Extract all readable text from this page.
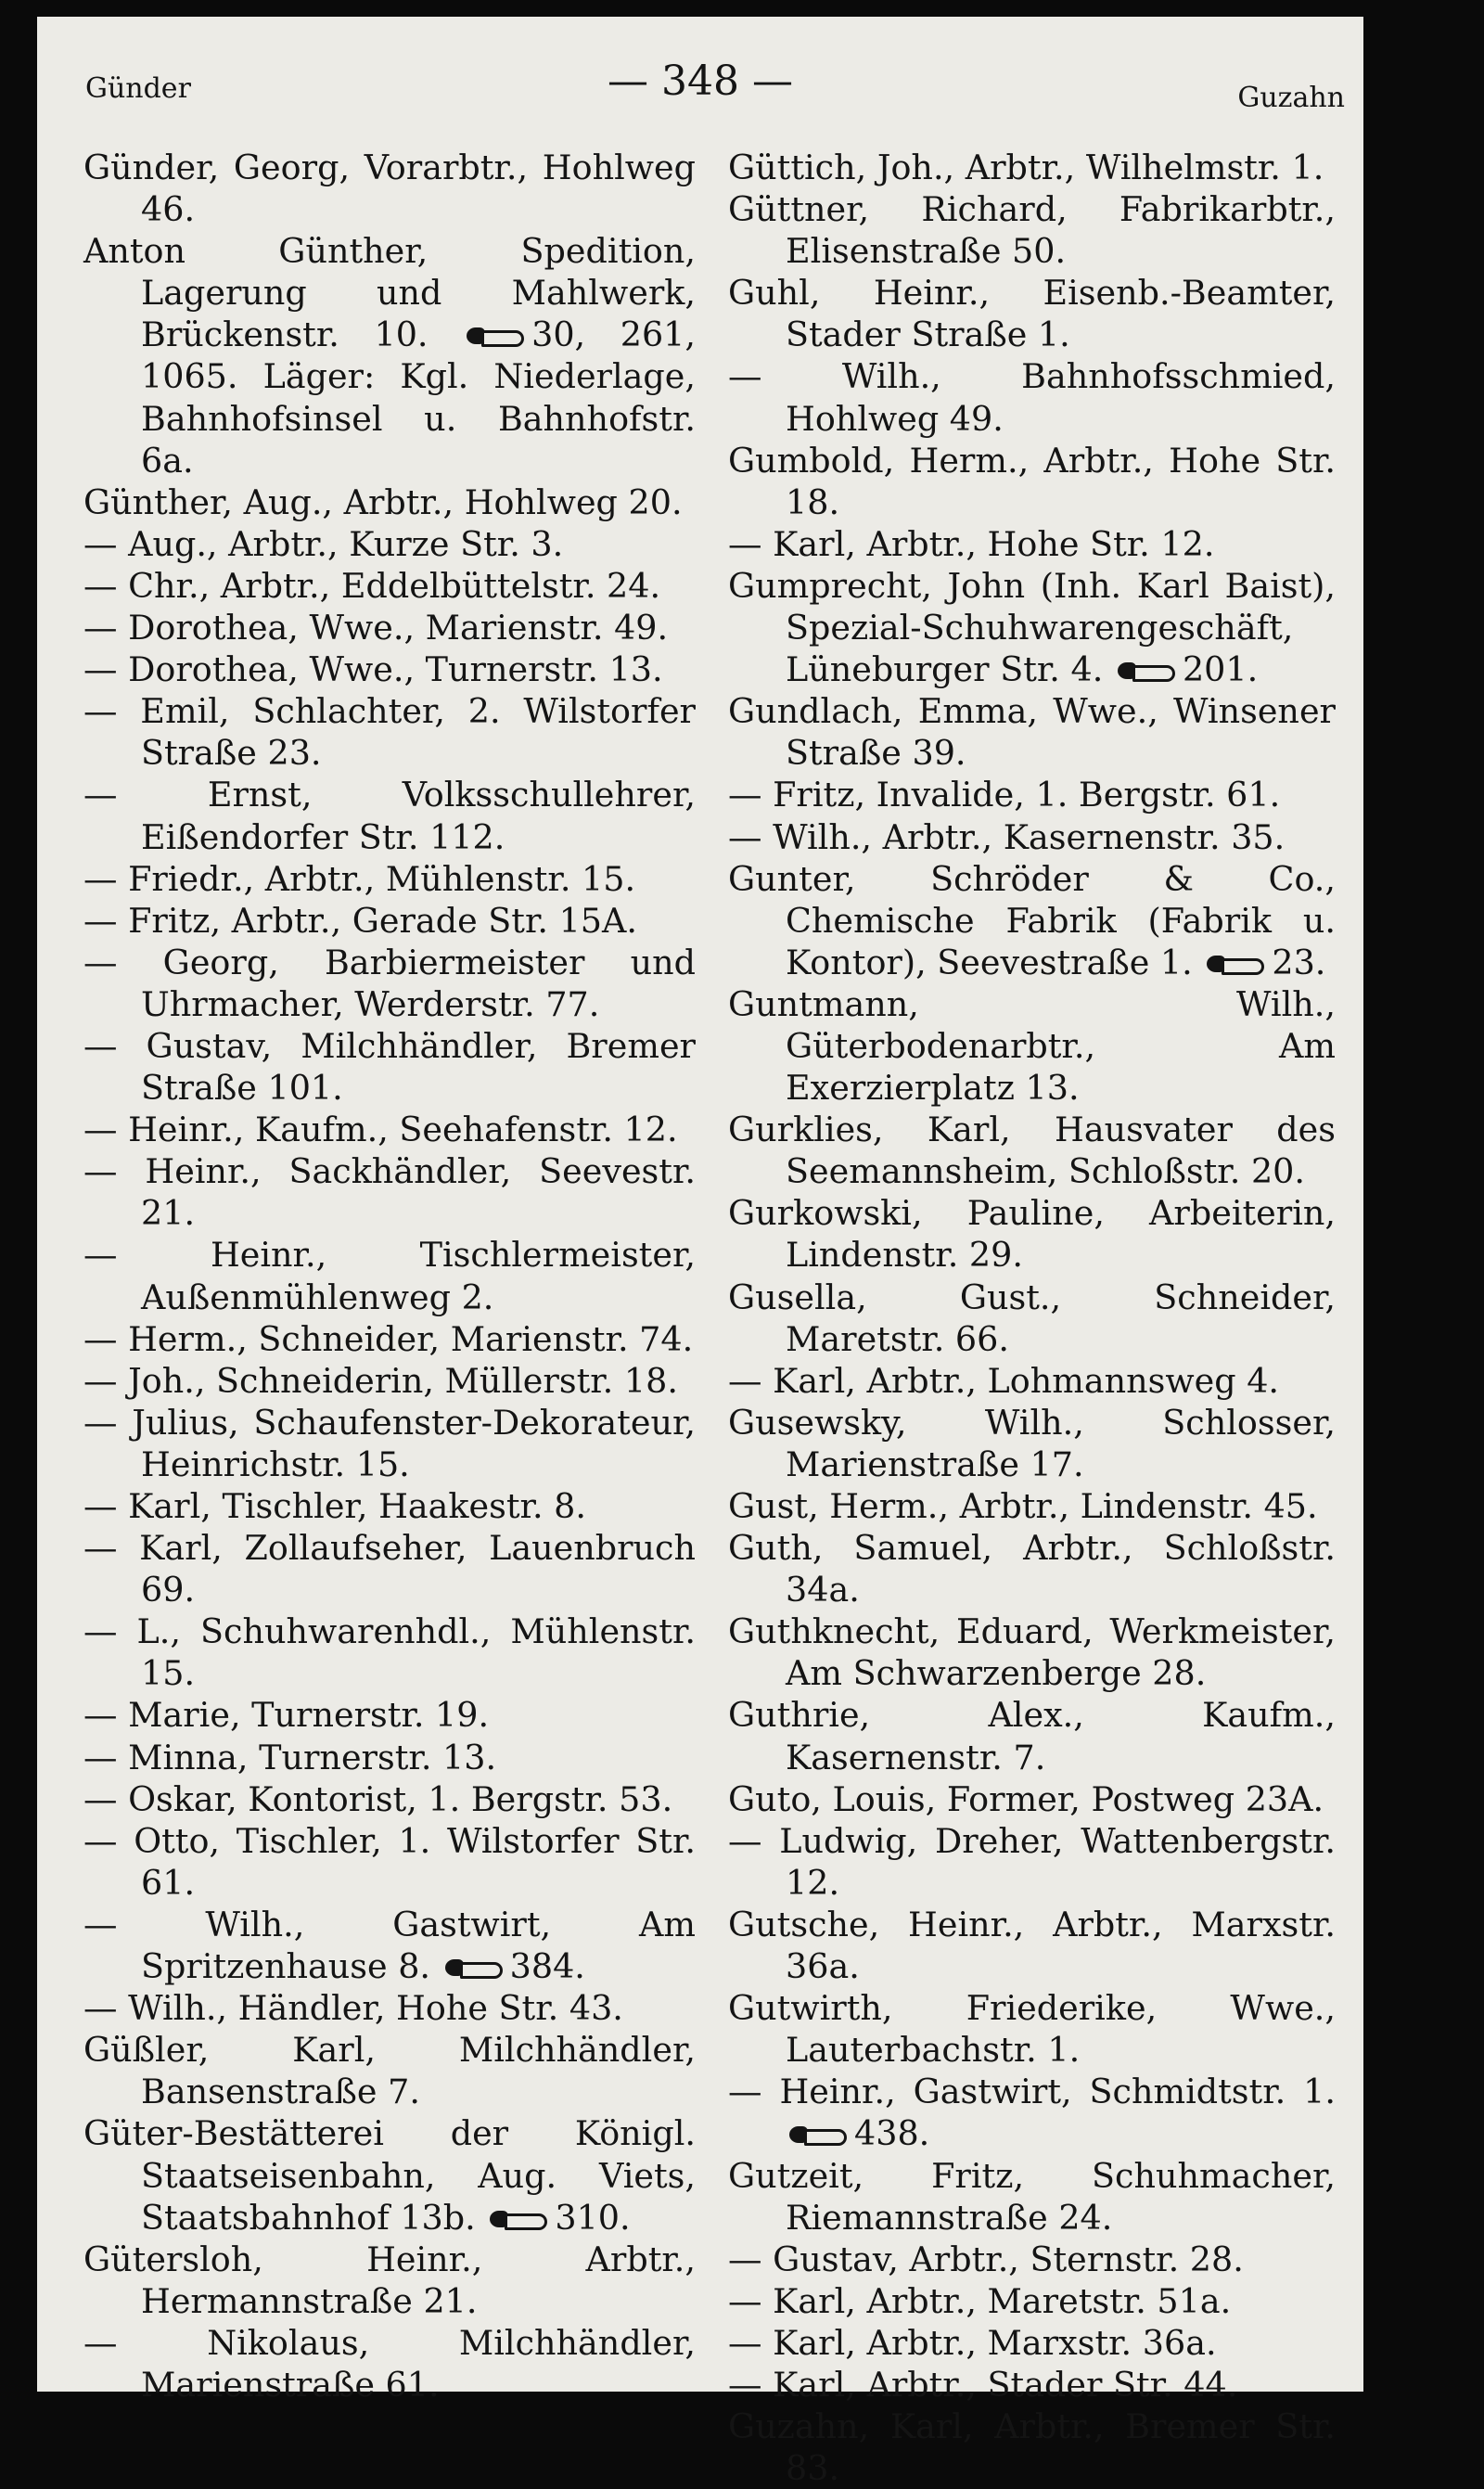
Günder	— 348 —	Guzahn
Günder, Georg, Vorarbtr., Hohlweg 46.
Anton Günther, Spedition, Lagerung und Mahlwerk, Brückenstr. 10. 30, 261, 1065. Läger: Kgl. Niederlage, Bahnhofsinsel u. Bahnhofstr. 6a.
Günther, Aug., Arbtr., Hohlweg 20.
— Aug., Arbtr., Kurze Str. 3.
— Chr., Arbtr., Eddelbüttelstr. 24.
— Dorothea, Wwe., Marienstr. 49.
— Dorothea, Wwe., Turnerstr. 13.
— Emil, Schlachter, 2. Wilstorfer Straße 23.
— Ernst, Volksschullehrer, Eißendorfer Str. 112.
— Friedr., Arbtr., Mühlenstr. 15.
— Fritz, Arbtr., Gerade Str. 15A.
— Georg, Barbiermeister und Uhrmacher, Werderstr. 77.
— Gustav, Milchhändler, Bremer Straße 101.
— Heinr., Kaufm., Seehafenstr. 12.
— Heinr., Sackhändler, Seevestr. 21.
— Heinr., Tischlermeister, Außenmühlenweg 2.
— Herm., Schneider, Marienstr. 74.
— Joh., Schneiderin, Müllerstr. 18.
— Julius, Schaufenster-Dekorateur, Heinrichstr. 15.
— Karl, Tischler, Haakestr. 8.
— Karl, Zollaufseher, Lauenbruch 69.
— L., Schuhwarenhdl., Mühlenstr. 15.
— Marie, Turnerstr. 19.
— Minna, Turnerstr. 13.
— Oskar, Kontorist, 1. Bergstr. 53.
— Otto, Tischler, 1. Wilstorfer Str. 61.
— Wilh., Gastwirt, Am Spritzenhause 8. 384.
— Wilh., Händler, Hohe Str. 43.
Güßler, Karl, Milchhändler, Bansenstraße 7.
Güter-Bestätterei der Königl. Staatseisenbahn, Aug. Viets, Staatsbahnhof 13b. 310.
Gütersloh, Heinr., Arbtr., Hermannstraße 21.
— Nikolaus, Milchhändler, Marienstraße 61.
Güttich, Joh., Arbtr., Wilhelmstr. 1.
Güttner, Richard, Fabrikarbtr., Elisenstraße 50.
Guhl, Heinr., Eisenb.-Beamter, Stader Straße 1.
— Wilh., Bahnhofsschmied, Hohlweg 49.
Gumbold, Herm., Arbtr., Hohe Str. 18.
— Karl, Arbtr., Hohe Str. 12.
Gumprecht, John (Inh. Karl Baist), Spezial-Schuhwarengeschäft, Lüneburger Str. 4. 201.
Gundlach, Emma, Wwe., Winsener Straße 39.
— Fritz, Invalide, 1. Bergstr. 61.
— Wilh., Arbtr., Kasernenstr. 35.
Gunter, Schröder & Co., Chemische Fabrik (Fabrik u. Kontor), Seevestraße 1. 23.
Guntmann, Wilh., Güterbodenarbtr., Am Exerzierplatz 13.
Gurklies, Karl, Hausvater des Seemannsheim, Schloßstr. 20.
Gurkowski, Pauline, Arbeiterin, Lindenstr. 29.
Gusella, Gust., Schneider, Maretstr. 66.
— Karl, Arbtr., Lohmannsweg 4.
Gusewsky, Wilh., Schlosser, Marienstraße 17.
Gust, Herm., Arbtr., Lindenstr. 45.
Guth, Samuel, Arbtr., Schloßstr. 34a.
Guthknecht, Eduard, Werkmeister, Am Schwarzenberge 28.
Guthrie, Alex., Kaufm., Kasernenstr. 7.
Guto, Louis, Former, Postweg 23A.
— Ludwig, Dreher, Wattenbergstr. 12.
Gutsche, Heinr., Arbtr., Marxstr. 36a.
Gutwirth, Friederike, Wwe., Lauterbachstr. 1.
— Heinr., Gastwirt, Schmidtstr. 1. 438.
Gutzeit, Fritz, Schuhmacher, Riemannstraße 24.
— Gustav, Arbtr., Sternstr. 28.
— Karl, Arbtr., Maretstr. 51a.
— Karl, Arbtr., Marxstr. 36a.
— Karl, Arbtr., Stader Str. 44.
Guzahn, Karl, Arbtr., Bremer Str. 83.
